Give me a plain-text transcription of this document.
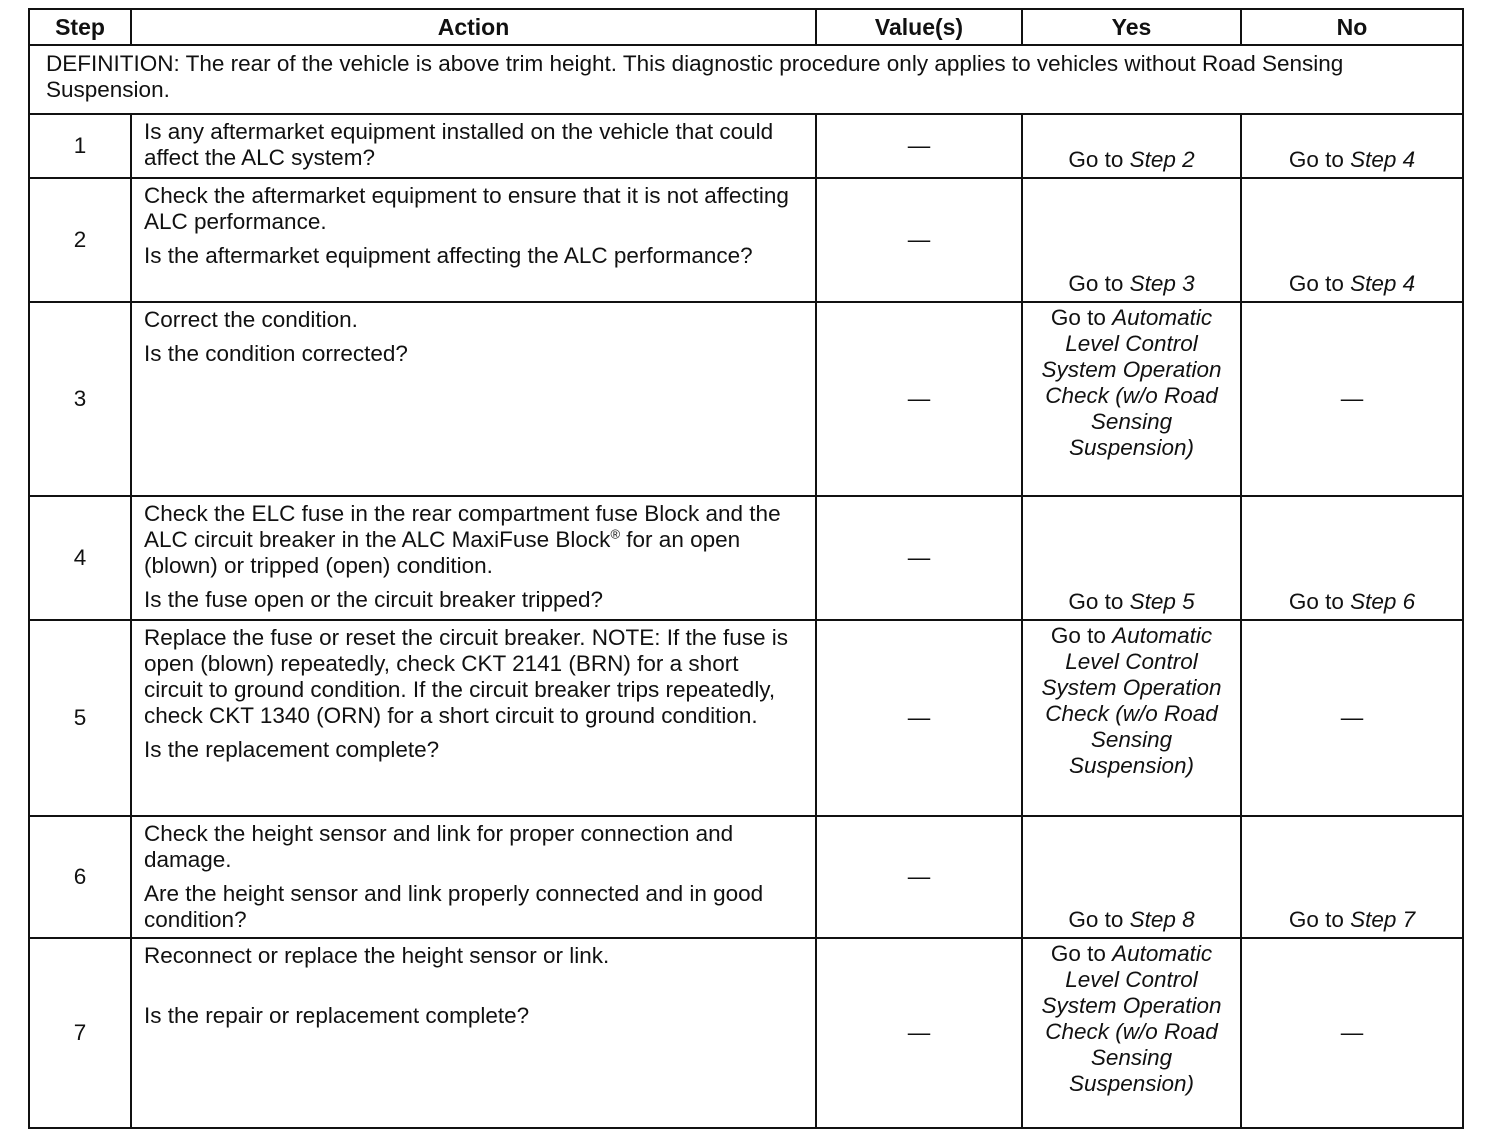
Step	Action	Value(s)	Yes	No
DEFINITION: The rear of the vehicle is above trim height. This diagnostic procedure only applies to vehicles without Road Sensing Suspension.				
1	Is any aftermarket equipment installed on the vehicle that could affect the ALC system?	—	Go to Step 2	Go to Step 4
2	Check the aftermarket equipment to ensure that it is not affecting ALC performance.

Is the aftermarket equipment affecting the ALC performance?	—	Go to Step 3	Go to Step 4
3	Correct the condition.

Is the condition corrected?	—	Go to Automatic Level Control System Operation Check (w/o Road Sensing Suspension)	—
4	Check the ELC fuse in the rear compartment fuse Block and the ALC circuit breaker in the ALC MaxiFuse Block® for an open (blown) or tripped (open) condition.

Is the fuse open or the circuit breaker tripped?	—	Go to Step 5	Go to Step 6
5	Replace the fuse or reset the circuit breaker. NOTE: If the fuse is open (blown) repeatedly, check CKT 2141 (BRN) for a short circuit to ground condition. If the circuit breaker trips repeatedly, check CKT 1340 (ORN) for a short circuit to ground condition.

Is the replacement complete?	—	Go to Automatic Level Control System Operation Check (w/o Road Sensing Suspension)	—
6	Check the height sensor and link for proper connection and damage.

Are the height sensor and link properly connected and in good condition?	—	Go to Step 8	Go to Step 7
7	Reconnect or replace the height sensor or link.

Is the repair or replacement complete?	—	Go to Automatic Level Control System Operation Check (w/o Road Sensing Suspension)	—
